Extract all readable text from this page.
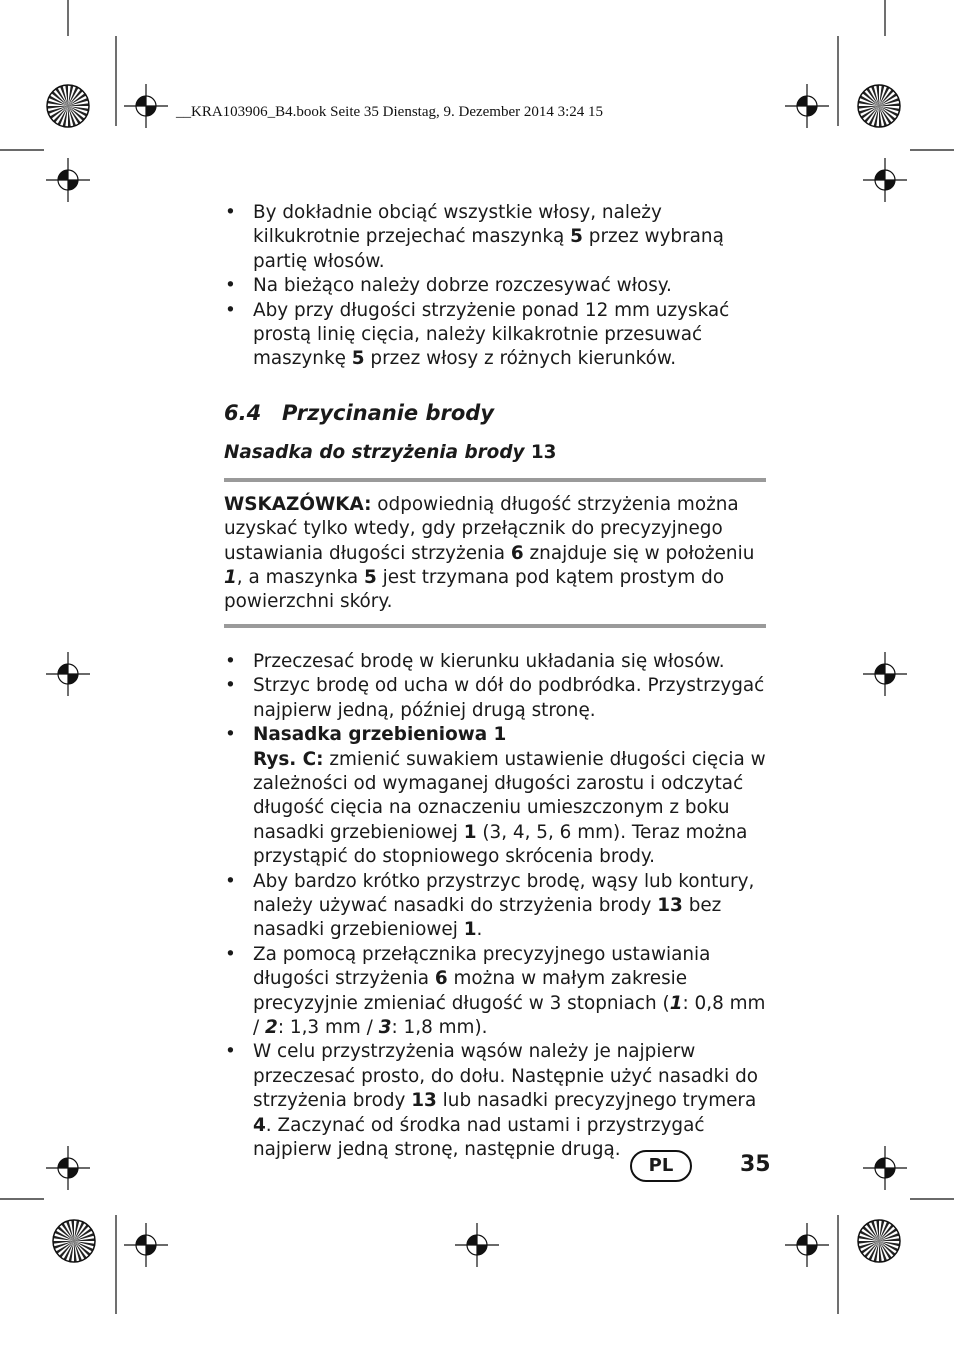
__KRA103906_B4.book Seite 35 Dienstag, 9. Dezember 2014 3:24 15
• By dokładnie obciąć wszystkie włosy, należy kilkukrotnie przejechać maszynką 5 przez wybraną partię włosów.
• Na bieżąco należy dobrze rozczesywać włosy.
• Aby przy długości strzyżenie ponad 12 mm uzyskać prostą linię cięcia, należy kilkakrotnie przesuwać maszynkę 5 przez włosy z różnych kierunków.
6.4 Przycinanie brody
Nasadka do strzyżenia brody 13
WSKAZÓWKA: odpowiednią długość strzyżenia można uzyskać tylko wtedy, gdy przełącznik do precyzyjnego ustawiania długości strzyżenia 6 znajduje się w położeniu 1, a maszynka 5 jest trzymana pod kątem prostym do powierzchni skóry.
• Przeczesać brodę w kierunku układania się włosów.
• Strzyc brodę od ucha w dół do podbródka. Przystrzygać najpierw jedną, później drugą stronę.
• Nasadka grzebieniowa 1
Rys. C: zmienić suwakiem ustawienie długości cięcia w zależności od wymaganej długości zarostu i odczytać długość cięcia na oznaczeniu umieszczonym z boku nasadki grzebieniowej 1 (3, 4, 5, 6 mm). Teraz można przystąpić do stopniowego skrócenia brody.
• Aby bardzo krótko przystrzyc brodę, wąsy lub kontury, należy używać nasadki do strzyżenia brody 13 bez nasadki grzebieniowej 1.
• Za pomocą przełącznika precyzyjnego ustawiania długości strzyżenia 6 można w małym zakresie precyzyjnie zmieniać długość w 3 stopniach (1: 0,8 mm / 2: 1,3 mm / 3: 1,8 mm).
• W celu przystrzyżenia wąsów należy je najpierw przeczesać prosto, do dołu. Następnie użyć nasadki do strzyżenia brody 13 lub nasadki precyzyjnego trymera 4. Zaczynać od środka nad ustami i przystrzygać najpierw jedną stronę, następnie drugą.
PL	35
